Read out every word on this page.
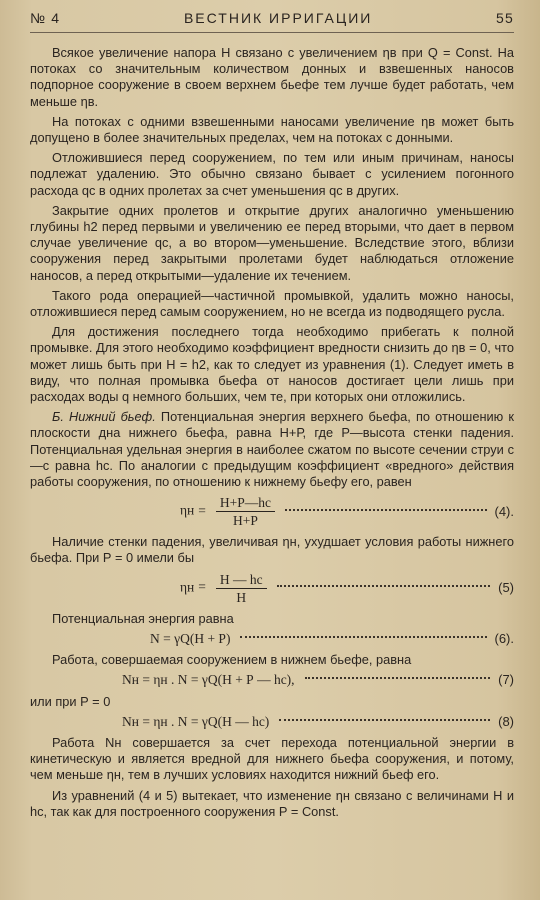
№ 4	ВЕСТНИК ИРРИГАЦИИ	55

Всякое увеличение напора Н связано с увеличением ηв при Q = Const. На потоках со значительным количеством донных и взвешенных наносов подпорное сооружение в своем верхнем бьефе тем лучше будет работать, чем меньше ηв.

На потоках с одними взвешенными наносами увеличение ηв может быть допущено в более значительных пределах, чем на потоках с донными.

Отложившиеся перед сооружением, по тем или иным причинам, наносы подлежат удалению. Это обычно связано бывает с усилением погонного расхода qс в одних пролетах за счет уменьшения qс в других.

Закрытие одних пролетов и открытие других аналогично уменьшению глубины h2 перед первыми и увеличению ее перед вторыми, что дает в первом случае увеличение qс, а во втором—уменьшение. Вследствие этого, вблизи сооружения перед закрытыми пролетами будет наблюдаться отложение наносов, а перед открытыми—удаление их течением.

Такого рода операцией—частичной промывкой, удалить можно наносы, отложившиеся перед самым сооружением, но не всегда из подводящего русла.

Для достижения последнего тогда необходимо прибегать к полной промывке. Для этого необходимо коэффициент вредности снизить до ηв = 0, что может лишь быть при Н = h2, как то следует из уравнения (1). Следует иметь в виду, что полная промывка бьефа от наносов достигает цели лишь при расходах воды q немного больших, чем те, при которых они отложились.

Б. Нижний бьеф. Потенциальная энергия верхнего бьефа, по отношению к плоскости дна нижнего бьефа, равна Н+Р, где Р—высота стенки падения. Потенциальная удельная энергия в наиболее сжатом по высоте сечении струи с—с равна hс. По аналогии с предыдущим коэффициент «вредного» действия работы сооружения, по отношению к нижнему бьефу его, равен

$\eta н = \frac{Н+Р—hс}{Н+Р}$	(4).

Наличие стенки падения, увеличивая ηн, ухудшает условия работы нижнего бьефа. При Р = 0 имели бы

$\eta н = \frac{Н — hс}{Н}$	(5)

Потенциальная энергия равна

N = γQ(Н + Р)	(6).

Работа, совершаемая сооружением в нижнем бьефе, равна

Nн = ηн . N = γQ(Н + Р — hс),	(7)

или при Р = 0

Nн = ηн . N = γQ(Н — hс)	(8)

Работа Nн совершается за счет перехода потенциальной энергии в кинетическую и является вредной для нижнего бьефа сооружения, и потому, чем меньше ηн, тем в лучших условиях находится нижний бьеф его.

Из уравнений (4 и 5) вытекает, что изменение ηн связано с величинами Н и hс, так как для построенного сооружения Р = Const.
